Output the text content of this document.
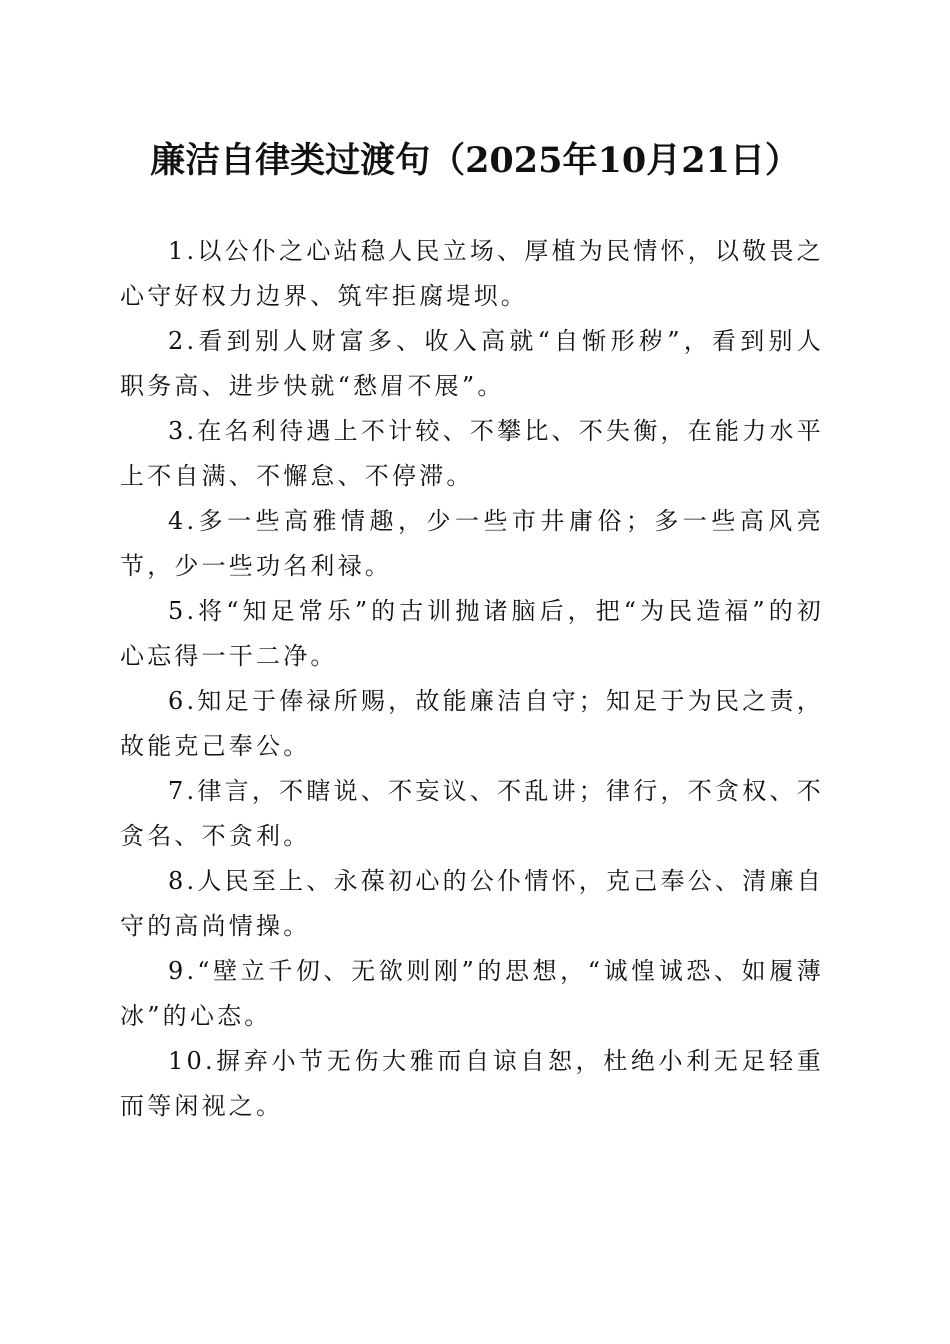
廉洁自律类过渡句（2025年10月21日）

1.以公仆之心站稳人民立场、厚植为民情怀，以敬畏之心守好权力边界、筑牢拒腐堤坝。

2.看到别人财富多、收入高就“自惭形秽”，看到别人职务高、进步快就“愁眉不展”。

3.在名利待遇上不计较、不攀比、不失衡，在能力水平上不自满、不懈怠、不停滞。

4.多一些高雅情趣，少一些市井庸俗；多一些高风亮节，少一些功名利禄。

5.将“知足常乐”的古训抛诸脑后，把“为民造福”的初心忘得一干二净。

6.知足于俸禄所赐，故能廉洁自守；知足于为民之责，故能克己奉公。

7.律言，不瞎说、不妄议、不乱讲；律行，不贪权、不贪名、不贪利。

8.人民至上、永葆初心的公仆情怀，克己奉公、清廉自守的高尚情操。

9.“壁立千仞、无欲则刚”的思想，“诚惶诚恐、如履薄冰”的心态。

10.摒弃小节无伤大雅而自谅自恕，杜绝小利无足轻重而等闲视之。
